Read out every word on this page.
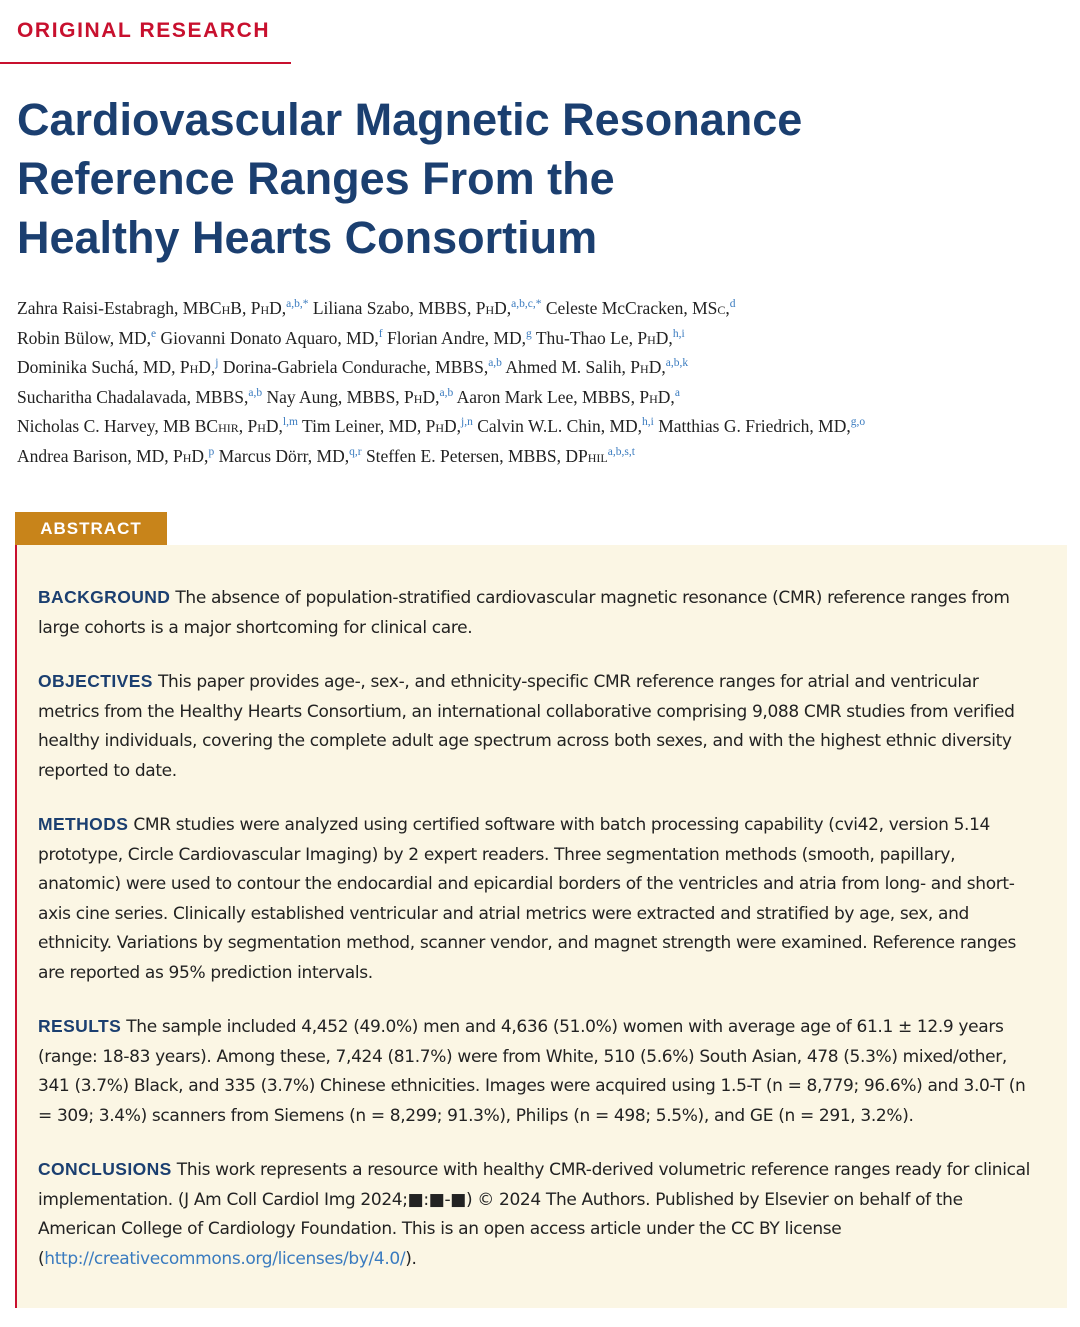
ORIGINAL RESEARCH
Cardiovascular Magnetic Resonance
Reference Ranges From the
Healthy Hearts Consortium
Zahra Raisi-Estabragh, MBChB, PhD,$^{a,b,*}$ Liliana Szabo, MBBS, PhD,$^{a,b,c,*}$ Celeste McCracken, MSc,$^d$
Robin Bülow, MD,$^e$ Giovanni Donato Aquaro, MD,$^f$ Florian Andre, MD,$^g$ Thu-Thao Le, PhD,$^{h,i}$
Dominika Suchá, MD, PhD,$^j$ Dorina-Gabriela Condurache, MBBS,$^{a,b}$ Ahmed M. Salih, PhD,$^{a,b,k}$
Sucharitha Chadalavada, MBBS,$^{a,b}$ Nay Aung, MBBS, PhD,$^{a,b}$ Aaron Mark Lee, MBBS, PhD,$^a$
Nicholas C. Harvey, MB BChir, PhD,$^{l,m}$ Tim Leiner, MD, PhD,$^{j,n}$ Calvin W.L. Chin, MD,$^{h,i}$ Matthias G. Friedrich, MD,$^{g,o}$
Andrea Barison, MD, PhD,$^p$ Marcus Dörr, MD,$^{q,r}$ Steffen E. Petersen, MBBS, DPhil$^{a,b,s,t}$
ABSTRACT

BACKGROUND The absence of population-stratified cardiovascular magnetic resonance (CMR) reference ranges from large cohorts is a major shortcoming for clinical care.

OBJECTIVES This paper provides age-, sex-, and ethnicity-specific CMR reference ranges for atrial and ventricular metrics from the Healthy Hearts Consortium, an international collaborative comprising 9,088 CMR studies from verified healthy individuals, covering the complete adult age spectrum across both sexes, and with the highest ethnic diversity reported to date.

METHODS CMR studies were analyzed using certified software with batch processing capability (cvi42, version 5.14 prototype, Circle Cardiovascular Imaging) by 2 expert readers. Three segmentation methods (smooth, papillary, anatomic) were used to contour the endocardial and epicardial borders of the ventricles and atria from long- and short-axis cine series. Clinically established ventricular and atrial metrics were extracted and stratified by age, sex, and ethnicity. Variations by segmentation method, scanner vendor, and magnet strength were examined. Reference ranges are reported as 95% prediction intervals.

RESULTS The sample included 4,452 (49.0%) men and 4,636 (51.0%) women with average age of 61.1 ± 12.9 years (range: 18-83 years). Among these, 7,424 (81.7%) were from White, 510 (5.6%) South Asian, 478 (5.3%) mixed/other, 341 (3.7%) Black, and 335 (3.7%) Chinese ethnicities. Images were acquired using 1.5-T (n = 8,779; 96.6%) and 3.0-T (n = 309; 3.4%) scanners from Siemens (n = 8,299; 91.3%), Philips (n = 498; 5.5%), and GE (n = 291, 3.2%).

CONCLUSIONS This work represents a resource with healthy CMR-derived volumetric reference ranges ready for clinical implementation. (J Am Coll Cardiol Img 2024;■:■-■) © 2024 The Authors. Published by Elsevier on behalf of the American College of Cardiology Foundation. This is an open access article under the CC BY license (http://creativecommons.org/licenses/by/4.0/).
